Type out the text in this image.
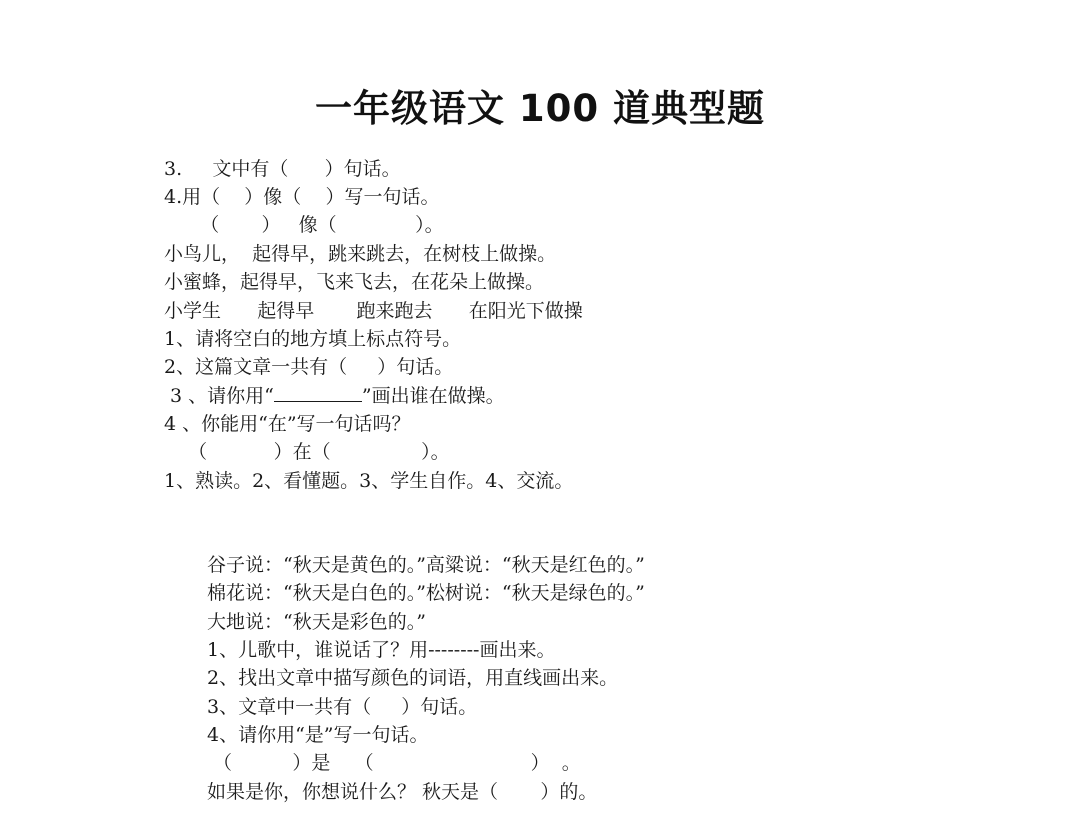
一年级语文 100 道典型题
3.     文中有（      ）句话。
4.用（    ）像（    ）写一句话。
（       ）   像（             ）。
小鸟儿，  起得早，跳来跳去，在树枝上做操。
小蜜蜂，起得早，飞来飞去，在花朵上做操。
小学生      起得早       跑来跑去      在阳光下做操
1、请将空白的地方填上标点符号。
2、这篇文章一共有（     ）句话。
3 、请你用“	”画出谁在做操。
4 、你能用“在”写一句话吗？
（           ）在（               ）。
1、熟读。2、看懂题。3、学生自作。4、交流。
谷子说：“秋天是黄色的。”高粱说：“秋天是红色的。”
棉花说：“秋天是白色的。”松树说：“秋天是绿色的。”
大地说：“秋天是彩色的。”
1、儿歌中，谁说话了？用--------画出来。
2、找出文章中描写颜色的词语，用直线画出来。
3、文章中一共有（     ）句话。
4、请你用“是”写一句话。
（          ）是    （                          ）  。
如果是你，你想说什么？ 秋天是（       ）的。
